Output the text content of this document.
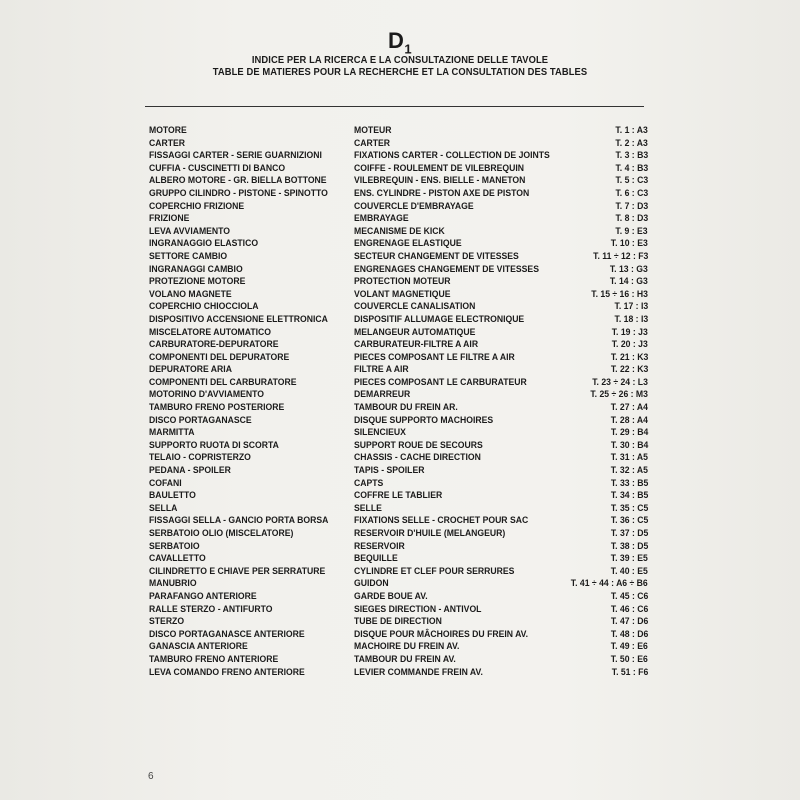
$D_1$
INDICE PER LA RICERCA E LA CONSULTAZIONE DELLE TAVOLE
TABLE DE MATIERES POUR LA RECHERCHE ET LA CONSULTATION DES TABLES
MOTORE	MOTEUR	T. 1 : A3
CARTER	CARTER	T. 2 : A3
FISSAGGI CARTER - SERIE GUARNIZIONI	FIXATIONS CARTER - COLLECTION DE JOINTS	T. 3 : B3
CUFFIA - CUSCINETTI DI BANCO	COIFFE - ROULEMENT DE VILEBREQUIN	T. 4 : B3
ALBERO MOTORE - GR. BIELLA BOTTONE	VILEBREQUIN - ENS. BIELLE - MANETON	T. 5 : C3
GRUPPO CILINDRO - PISTONE - SPINOTTO	ENS. CYLINDRE - PISTON AXE DE PISTON	T. 6 : C3
COPERCHIO FRIZIONE	COUVERCLE D'EMBRAYAGE	T. 7 : D3
FRIZIONE	EMBRAYAGE	T. 8 : D3
LEVA AVVIAMENTO	MECANISME DE KICK	T. 9 : E3
INGRANAGGIO ELASTICO	ENGRENAGE ELASTIQUE	T. 10 : E3
SETTORE CAMBIO	SECTEUR CHANGEMENT DE VITESSES	T. 11 ÷ 12 : F3
INGRANAGGI CAMBIO	ENGRENAGES CHANGEMENT DE VITESSES	T. 13 : G3
PROTEZIONE MOTORE	PROTECTION MOTEUR	T. 14 : G3
VOLANO MAGNETE	VOLANT MAGNETIQUE	T. 15 ÷ 16 : H3
COPERCHIO CHIOCCIOLA	COUVERCLE CANALISATION	T. 17 : I3
DISPOSITIVO ACCENSIONE ELETTRONICA	DISPOSITIF ALLUMAGE ELECTRONIQUE	T. 18 : I3
MISCELATORE AUTOMATICO	MELANGEUR AUTOMATIQUE	T. 19 : J3
CARBURATORE-DEPURATORE	CARBURATEUR-FILTRE A AIR	T. 20 : J3
COMPONENTI DEL DEPURATORE	PIECES COMPOSANT LE FILTRE A AIR	T. 21 : K3
DEPURATORE ARIA	FILTRE A AIR	T. 22 : K3
COMPONENTI DEL CARBURATORE	PIECES COMPOSANT LE CARBURATEUR	T. 23 ÷ 24 : L3
MOTORINO D'AVVIAMENTO	DEMARREUR	T. 25 ÷ 26 : M3
TAMBURO FRENO POSTERIORE	TAMBOUR DU FREIN AR.	T. 27 : A4
DISCO PORTAGANASCE	DISQUE SUPPORTO MACHOIRES	T. 28 : A4
MARMITTA	SILENCIEUX	T. 29 : B4
SUPPORTO RUOTA DI SCORTA	SUPPORT ROUE DE SECOURS	T. 30 : B4
TELAIO - COPRISTERZO	CHASSIS - CACHE DIRECTION	T. 31 : A5
PEDANA - SPOILER	TAPIS - SPOILER	T. 32 : A5
COFANI	CAPTS	T. 33 : B5
BAULETTO	COFFRE LE TABLIER	T. 34 : B5
SELLA	SELLE	T. 35 : C5
FISSAGGI SELLA - GANCIO PORTA BORSA	FIXATIONS SELLE - CROCHET POUR SAC	T. 36 : C5
SERBATOIO OLIO (MISCELATORE)	RESERVOIR D'HUILE (MELANGEUR)	T. 37 : D5
SERBATOIO	RESERVOIR	T. 38 : D5
CAVALLETTO	BEQUILLE	T. 39 : E5
CILINDRETTO E CHIAVE PER SERRATURE	CYLINDRE ET CLEF POUR SERRURES	T. 40 : E5
MANUBRIO	GUIDON	T. 41 ÷ 44 : A6 ÷ B6
PARAFANGO ANTERIORE	GARDE BOUE AV.	T. 45 : C6
RALLE STERZO - ANTIFURTO	SIEGES DIRECTION - ANTIVOL	T. 46 : C6
STERZO	TUBE DE DIRECTION	T. 47 : D6
DISCO PORTAGANASCE ANTERIORE	DISQUE POUR MÂCHOIRES DU FREIN AV.	T. 48 : D6
GANASCIA ANTERIORE	MACHOIRE DU FREIN AV.	T. 49 : E6
TAMBURO FRENO ANTERIORE	TAMBOUR DU FREIN AV.	T. 50 : E6
LEVA COMANDO FRENO ANTERIORE	LEVIER COMMANDE FREIN AV.	T. 51 : F6
6
